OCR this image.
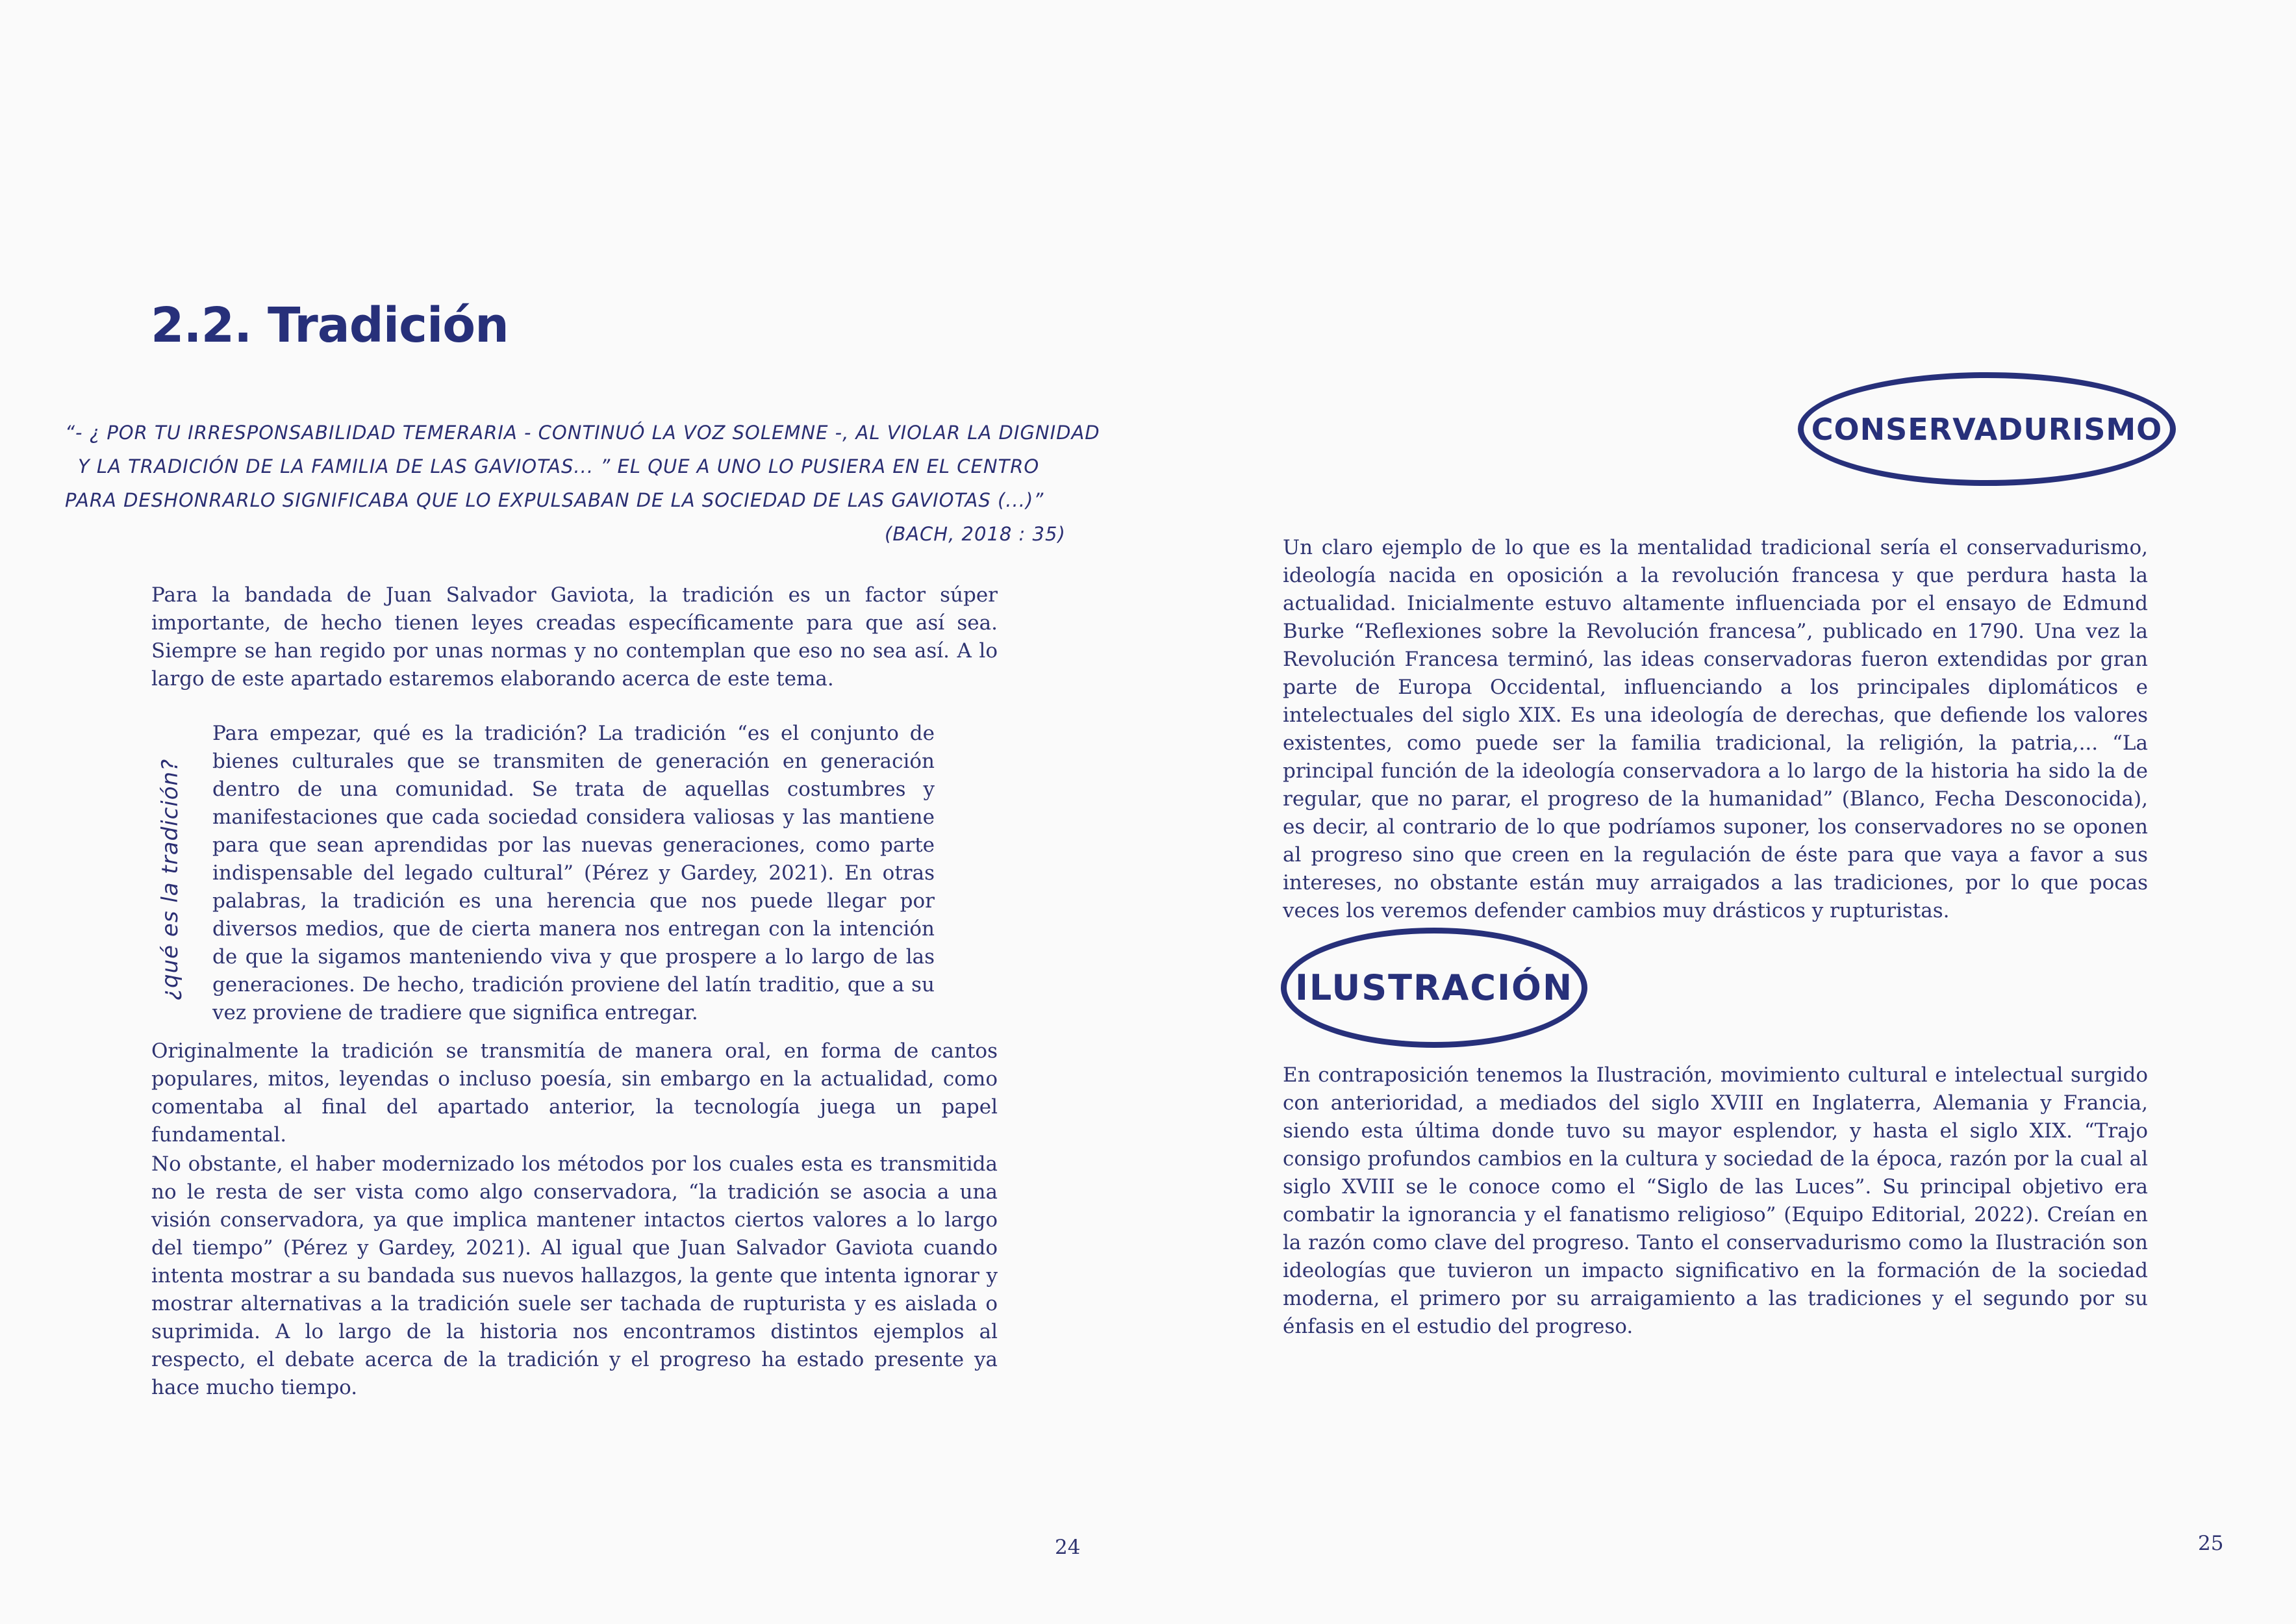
2.2. Tradición
“- ¿ POR TU IRRESPONSABILIDAD TEMERARIA - CONTINUÓ LA VOZ SOLEMNE -, AL VIOLAR LA DIGNIDAD
Y LA TRADICIÓN DE LA FAMILIA DE LAS GAVIOTAS... ” EL QUE A UNO LO PUSIERA EN EL CENTRO
PARA DESHONRARLO SIGNIFICABA QUE LO EXPULSABAN DE LA SOCIEDAD DE LAS GAVIOTAS (...)”
(BACH, 2018 : 35)

Para la bandada de Juan Salvador Gaviota, la tradición es un factor súper importante, de hecho tienen leyes creadas específicamente para que así sea. Siempre se han regido por unas normas y no contemplan que eso no sea así. A lo largo de este apartado estaremos elaborando acerca de este tema.

¿qué es la tradición?

Para empezar, qué es la tradición? La tradición “es el conjunto de bienes culturales que se transmiten de generación en generación dentro de una comunidad. Se trata de aquellas costumbres y manifestaciones que cada sociedad considera valiosas y las mantiene para que sean aprendidas por las nuevas generaciones, como parte indispensable del legado cultural” (Pérez y Gardey, 2021). En otras palabras, la tradición es una herencia que nos puede llegar por diversos medios, que de cierta manera nos entregan con la intención de que la sigamos manteniendo viva y que prospere a lo largo de las generaciones. De hecho, tradición proviene del latín traditio, que a su vez proviene de tradiere que significa entregar.

Originalmente la tradición se transmitía de manera oral, en forma de cantos populares, mitos, leyendas o incluso poesía, sin embargo en la actualidad, como comentaba al final del apartado anterior, la tecnología juega un papel fundamental.

No obstante, el haber modernizado los métodos por los cuales esta es transmitida no le resta de ser vista como algo conservadora, “la tradición se asocia a una visión conservadora, ya que implica mantener intactos ciertos valores a lo largo del tiempo” (Pérez y Gardey, 2021). Al igual que Juan Salvador Gaviota cuando intenta mostrar a su bandada sus nuevos hallazgos, la gente que intenta ignorar y mostrar alternativas a la tradición suele ser tachada de rupturista y es aislada o suprimida. A lo largo de la historia nos encontramos distintos ejemplos al respecto, el debate acerca de la tradición y el progreso ha estado presente ya hace mucho tiempo.

24
CONSERVADURISMO

Un claro ejemplo de lo que es la mentalidad tradicional sería el conservadurismo, ideología nacida en oposición a la revolución francesa y que perdura hasta la actualidad. Inicialmente estuvo altamente influenciada por el ensayo de Edmund Burke “Reflexiones sobre la Revolución francesa”, publicado en 1790. Una vez la Revolución Francesa terminó, las ideas conservadoras fueron extendidas por gran parte de Europa Occidental, influenciando a los principales diplomáticos e intelectuales del siglo XIX. Es una ideología de derechas, que defiende los valores existentes, como puede ser la familia tradicional, la religión, la patria,... “La principal función de la ideología conservadora a lo largo de la historia ha sido la de regular, que no parar, el progreso de la humanidad” (Blanco, Fecha Desconocida), es decir, al contrario de lo que podríamos suponer, los conservadores no se oponen al progreso sino que creen en la regulación de éste para que vaya a favor a sus intereses, no obstante están muy arraigados a las tradiciones, por lo que pocas veces los veremos defender cambios muy drásticos y rupturistas.

ILUSTRACIÓN

En contraposición tenemos la Ilustración, movimiento cultural e intelectual surgido con anterioridad, a mediados del siglo XVIII en Inglaterra, Alemania y Francia, siendo esta última donde tuvo su mayor esplendor, y hasta el siglo XIX. “Trajo consigo profundos cambios en la cultura y sociedad de la época, razón por la cual al siglo XVIII se le conoce como el “Siglo de las Luces”. Su principal objetivo era combatir la ignorancia y el fanatismo religioso” (Equipo Editorial, 2022). Creían en la razón como clave del progreso. Tanto el conservadurismo como la Ilustración son ideologías que tuvieron un impacto significativo en la formación de la sociedad moderna, el primero por su arraigamiento a las tradiciones y el segundo por su énfasis en el estudio del progreso.

25
